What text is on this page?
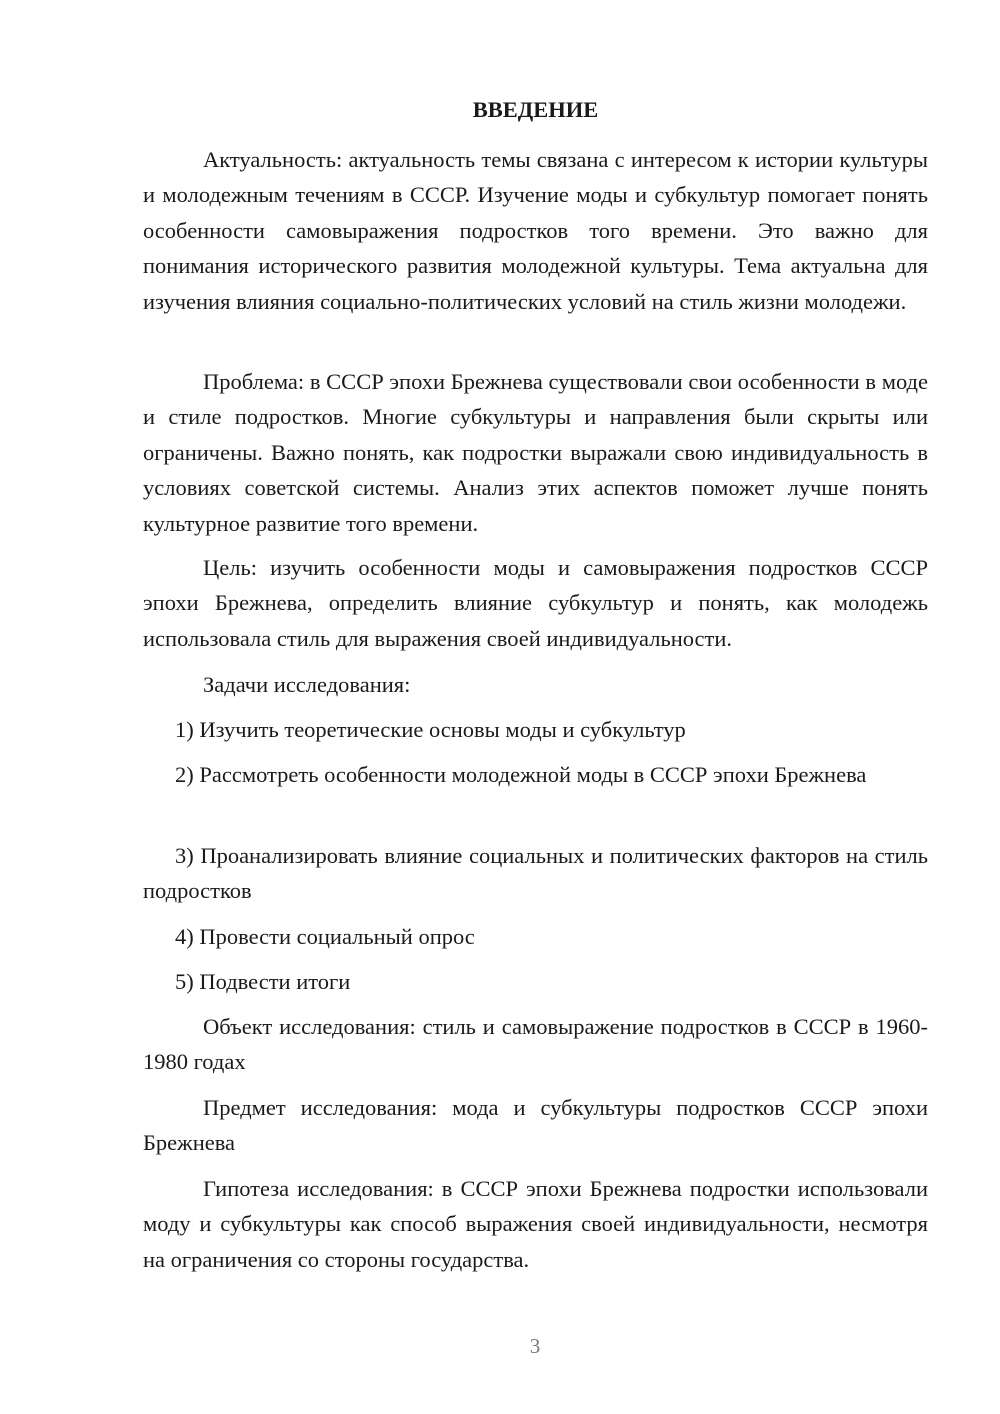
ВВЕДЕНИЕ

Актуальность: актуальность темы связана с интересом к истории культуры и молодежным течениям в СССР. Изучение моды и субкультур помогает понять особенности самовыражения подростков того времени. Это важно для понимания исторического развития молодежной культуры. Тема актуальна для изучения влияния социально-политических условий на стиль жизни молодежи.

Проблема: в СССР эпохи Брежнева существовали свои особенности в моде и стиле подростков. Многие субкультуры и направления были скрыты или ограничены. Важно понять, как подростки выражали свою индивидуальность в условиях советской системы. Анализ этих аспектов поможет лучше понять культурное развитие того времени.

Цель: изучить особенности моды и самовыражения подростков СССР эпохи Брежнева, определить влияние субкультур и понять, как молодежь использовала стиль для выражения своей индивидуальности.

Задачи исследования:

1) Изучить теоретические основы моды и субкультур

2) Рассмотреть особенности молодежной моды в СССР эпохи Брежнева

3) Проанализировать влияние социальных и политических факторов на стиль подростков

4) Провести социальный опрос

5) Подвести итоги

Объект исследования: стиль и самовыражение подростков в СССР в 1960-1980 годах

Предмет исследования: мода и субкультуры подростков СССР эпохи Брежнева

Гипотеза исследования: в СССР эпохи Брежнева подростки использовали моду и субкультуры как способ выражения своей индивидуальности, несмотря на ограничения со стороны государства.

3
